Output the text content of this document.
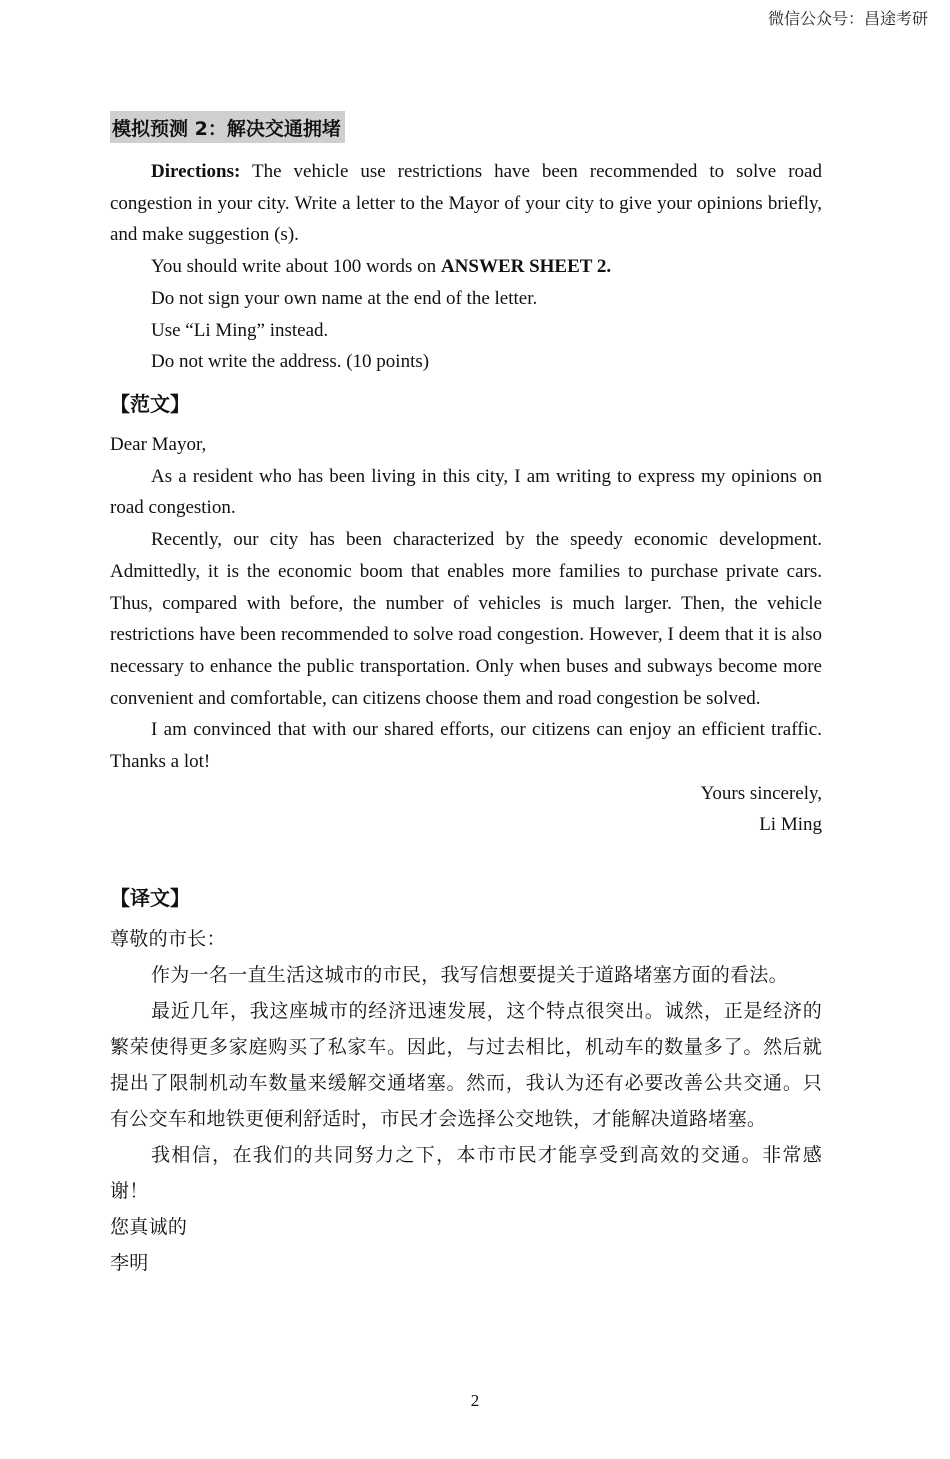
微信公众号：昌途考研
模拟预测 2：解决交通拥堵

Directions: The vehicle use restrictions have been recommended to solve road congestion in your city. Write a letter to the Mayor of your city to give your opinions briefly, and make suggestion (s).

You should write about 100 words on ANSWER SHEET 2.

Do not sign your own name at the end of the letter.

Use “Li Ming” instead.

Do not write the address. (10 points)

【范文】

Dear Mayor,

As a resident who has been living in this city, I am writing to express my opinions on road congestion.

Recently, our city has been characterized by the speedy economic development. Admittedly, it is the economic boom that enables more families to purchase private cars. Thus, compared with before, the number of vehicles is much larger. Then, the vehicle restrictions have been recommended to solve road congestion. However, I deem that it is also necessary to enhance the public transportation. Only when buses and subways become more convenient and comfortable, can citizens choose them and road congestion be solved.

I am convinced that with our shared efforts, our citizens can enjoy an efficient traffic. Thanks a lot!

Yours sincerely,

Li Ming

【译文】

尊敬的市长：

作为一名一直生活这城市的市民，我写信想要提关于道路堵塞方面的看法。

最近几年，我这座城市的经济迅速发展，这个特点很突出。诚然，正是经济的繁荣使得更多家庭购买了私家车。因此，与过去相比，机动车的数量多了。然后就提出了限制机动车数量来缓解交通堵塞。然而，我认为还有必要改善公共交通。只有公交车和地铁更便利舒适时，市民才会选择公交地铁，才能解决道路堵塞。

我相信，在我们的共同努力之下，本市市民才能享受到高效的交通。非常感谢！

您真诚的

李明

2
